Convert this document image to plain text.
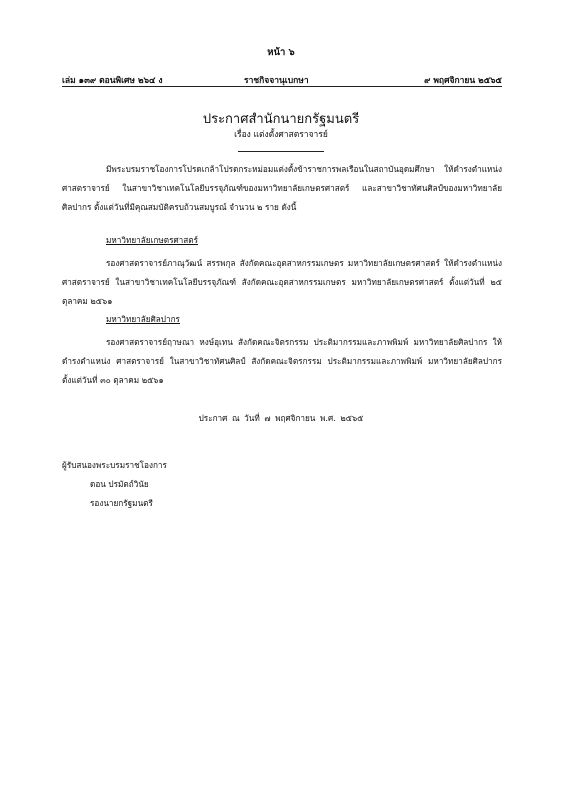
หน้า ๖
เล่ม ๑๓๙ ตอนพิเศษ ๒๖๔ ง	ราชกิจจานุเบกษา	๙ พฤศจิกายน ๒๕๖๕
ประกาศสำนักนายกรัฐมนตรี
เรื่อง แต่งตั้งศาสตราจารย์
มีพระบรมราชโองการโปรดเกล้าโปรดกระหม่อมแต่งตั้งข้าราชการพลเรือนในสถาบันอุดมศึกษา ให้ดำรงตำแหน่ง ศาสตราจารย์ ในสาขาวิชาเทคโนโลยีบรรจุภัณฑ์ของมหาวิทยาลัยเกษตรศาสตร์ และสาขาวิชาทัศนศิลป์ของมหาวิทยาลัยศิลปากร ตั้งแต่วันที่มีคุณสมบัติครบถ้วนสมบูรณ์ จำนวน ๒ ราย ดังนี้
มหาวิทยาลัยเกษตรศาสตร์
รองศาสตราจารย์ภาณุวัฒน์ สรรพกุล สังกัดคณะอุตสาหกรรมเกษตร มหาวิทยาลัยเกษตรศาสตร์ ให้ดำรงตำแหน่ง ศาสตราจารย์ ในสาขาวิชาเทคโนโลยีบรรจุภัณฑ์ สังกัดคณะอุตสาหกรรมเกษตร มหาวิทยาลัยเกษตรศาสตร์ ตั้งแต่วันที่ ๒๕ ตุลาคม ๒๕๖๑
มหาวิทยาลัยศิลปากร
รองศาสตราจารย์ฤาษณา หงษ์อุเทน สังกัดคณะจิตรกรรม ประติมากรรมและภาพพิมพ์ มหาวิทยาลัยศิลปากร ให้ดำรงตำแหน่ง ศาสตราจารย์ ในสาขาวิชาทัศนศิลป์ สังกัดคณะจิตรกรรม ประติมากรรมและภาพพิมพ์ มหาวิทยาลัยศิลปากร ตั้งแต่วันที่ ๓๐ ตุลาคม ๒๕๖๑
ประกาศ ณ วันที่ ๗ พฤศจิกายน พ.ศ. ๒๕๖๕
ผู้รับสนองพระบรมราชโองการ
ดอน ปรมัตถ์วินัย
รองนายกรัฐมนตรี
